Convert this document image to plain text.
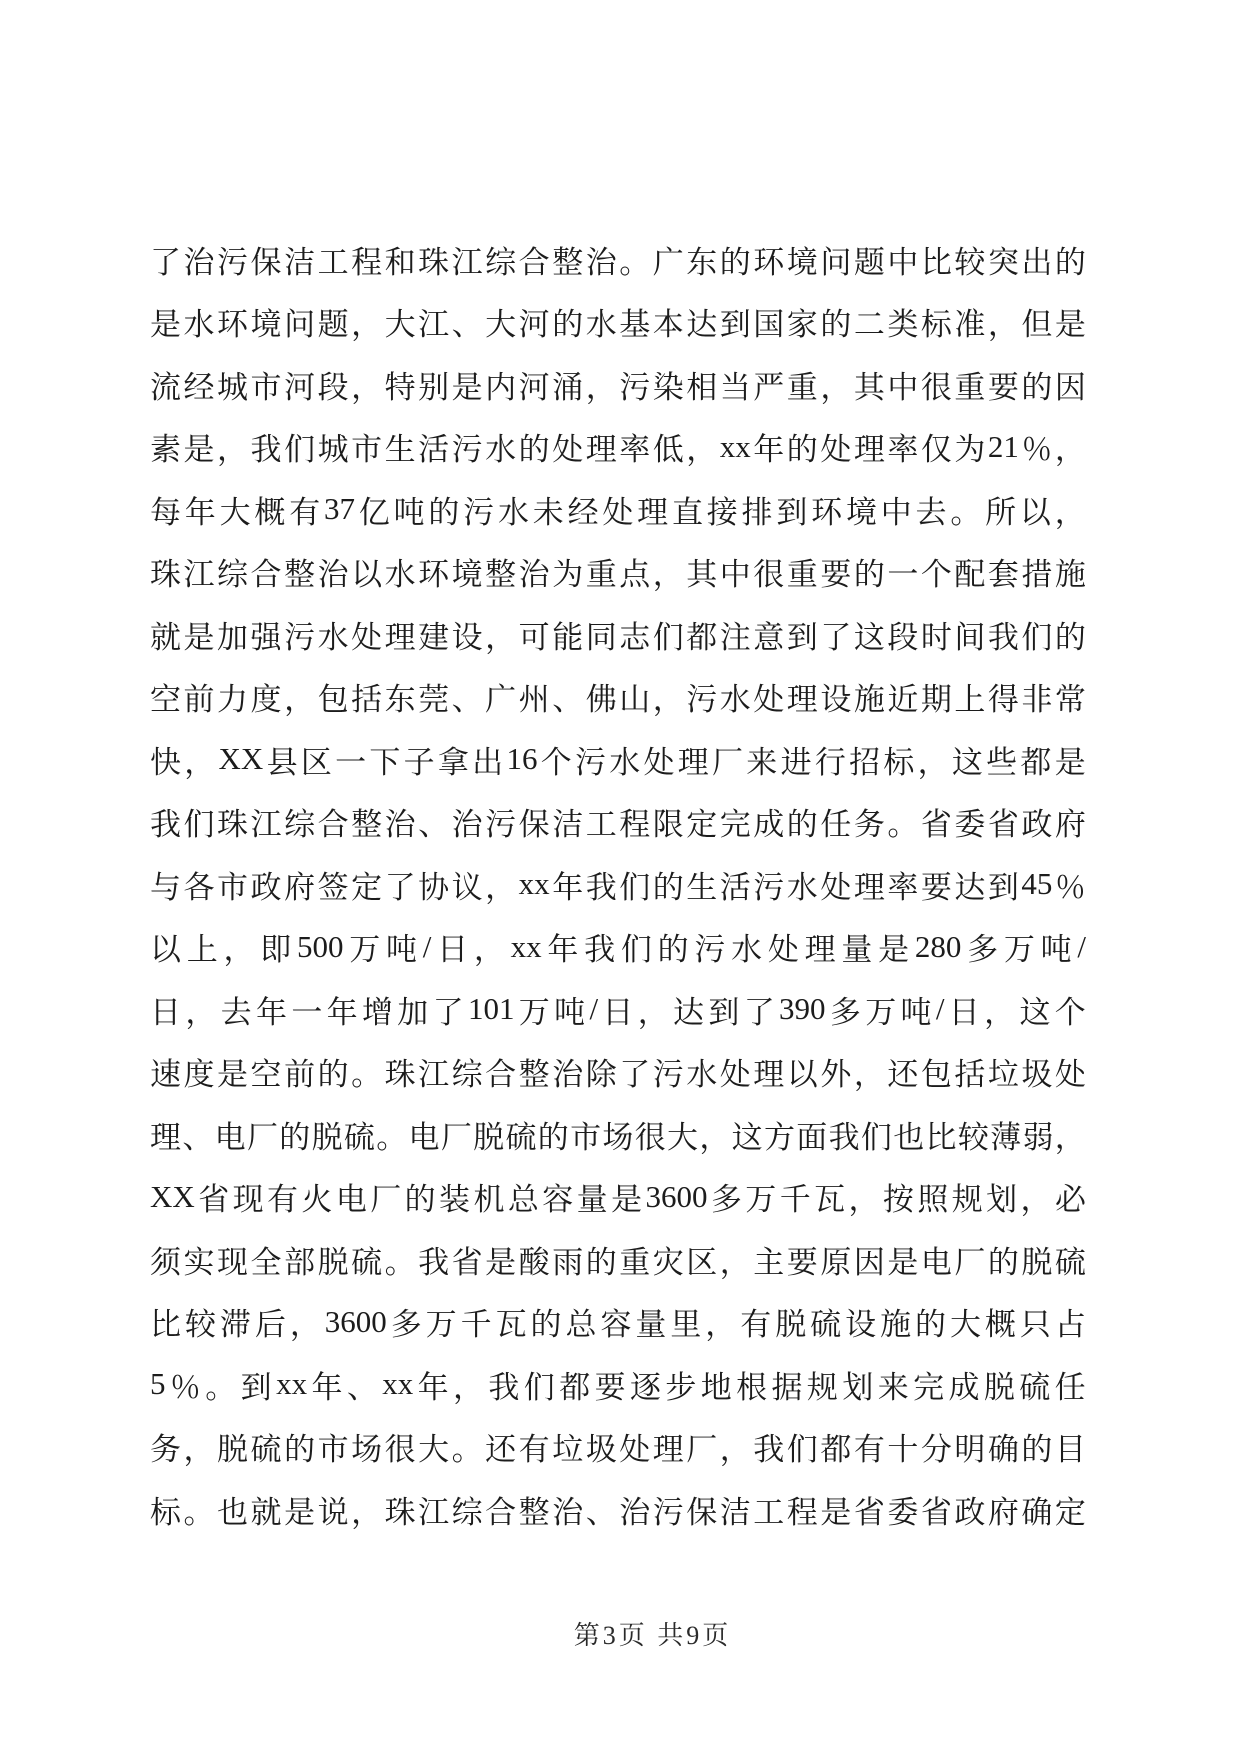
了 治 污 保 洁 工 程 和 珠 江 综 合 整 治 。 广 东 的 环 境 问 题 中 比 较 突 出 的
是 水 环 境 问 题 ， 大 江 、 大 河 的 水 基 本 达 到 国 家 的 二 类 标 准 ， 但 是
流 经 城 市 河 段 ， 特 别 是 内 河 涌 ， 污 染 相 当 严 重 ， 其 中 很 重 要 的 因
素 是 ， 我 们 城 市 生 活 污 水 的 处 理 率 低 ， xx 年 的 处 理 率 仅 为 21 ％ ，
每 年 大 概 有 37 亿 吨 的 污 水 未 经 处 理 直 接 排 到 环 境 中 去 。 所 以 ，
珠 江 综 合 整 治 以 水 环 境 整 治 为 重 点 ， 其 中 很 重 要 的 一 个 配 套 措 施
就 是 加 强 污 水 处 理 建 设 ， 可 能 同 志 们 都 注 意 到 了 这 段 时 间 我 们 的
空 前 力 度 ， 包 括 东 莞 、 广 州 、 佛 山 ， 污 水 处 理 设 施 近 期 上 得 非 常
快 ， XX 县 区 一 下 子 拿 出 16 个 污 水 处 理 厂 来 进 行 招 标 ， 这 些 都 是
我 们 珠 江 综 合 整 治 、 治 污 保 洁 工 程 限 定 完 成 的 任 务 。 省 委 省 政 府
与 各 市 政 府 签 定 了 协 议 ， xx 年 我 们 的 生 活 污 水 处 理 率 要 达 到 45 ％
以 上 ， 即 500 万 吨 / 日 ， xx 年 我 们 的 污 水 处 理 量 是 280 多 万 吨 /
日 ， 去 年 一 年 增 加 了 101 万 吨 / 日 ， 达 到 了 390 多 万 吨 / 日 ， 这 个
速 度 是 空 前 的 。 珠 江 综 合 整 治 除 了 污 水 处 理 以 外 ， 还 包 括 垃 圾 处
理 、 电 厂 的 脱 硫 。 电 厂 脱 硫 的 市 场 很 大 ， 这 方 面 我 们 也 比 较 薄 弱 ，
XX 省 现 有 火 电 厂 的 装 机 总 容 量 是 3600 多 万 千 瓦 ， 按 照 规 划 ， 必
须 实 现 全 部 脱 硫 。 我 省 是 酸 雨 的 重 灾 区 ， 主 要 原 因 是 电 厂 的 脱 硫
比 较 滞 后 ， 3600 多 万 千 瓦 的 总 容 量 里 ， 有 脱 硫 设 施 的 大 概 只 占
5 ％ 。 到 xx 年 、 xx 年 ， 我 们 都 要 逐 步 地 根 据 规 划 来 完 成 脱 硫 任
务 ， 脱 硫 的 市 场 很 大 。 还 有 垃 圾 处 理 厂 ， 我 们 都 有 十 分 明 确 的 目
标 。 也 就 是 说 ， 珠 江 综 合 整 治 、 治 污 保 洁 工 程 是 省 委 省 政 府 确 定
第3页 共9页
